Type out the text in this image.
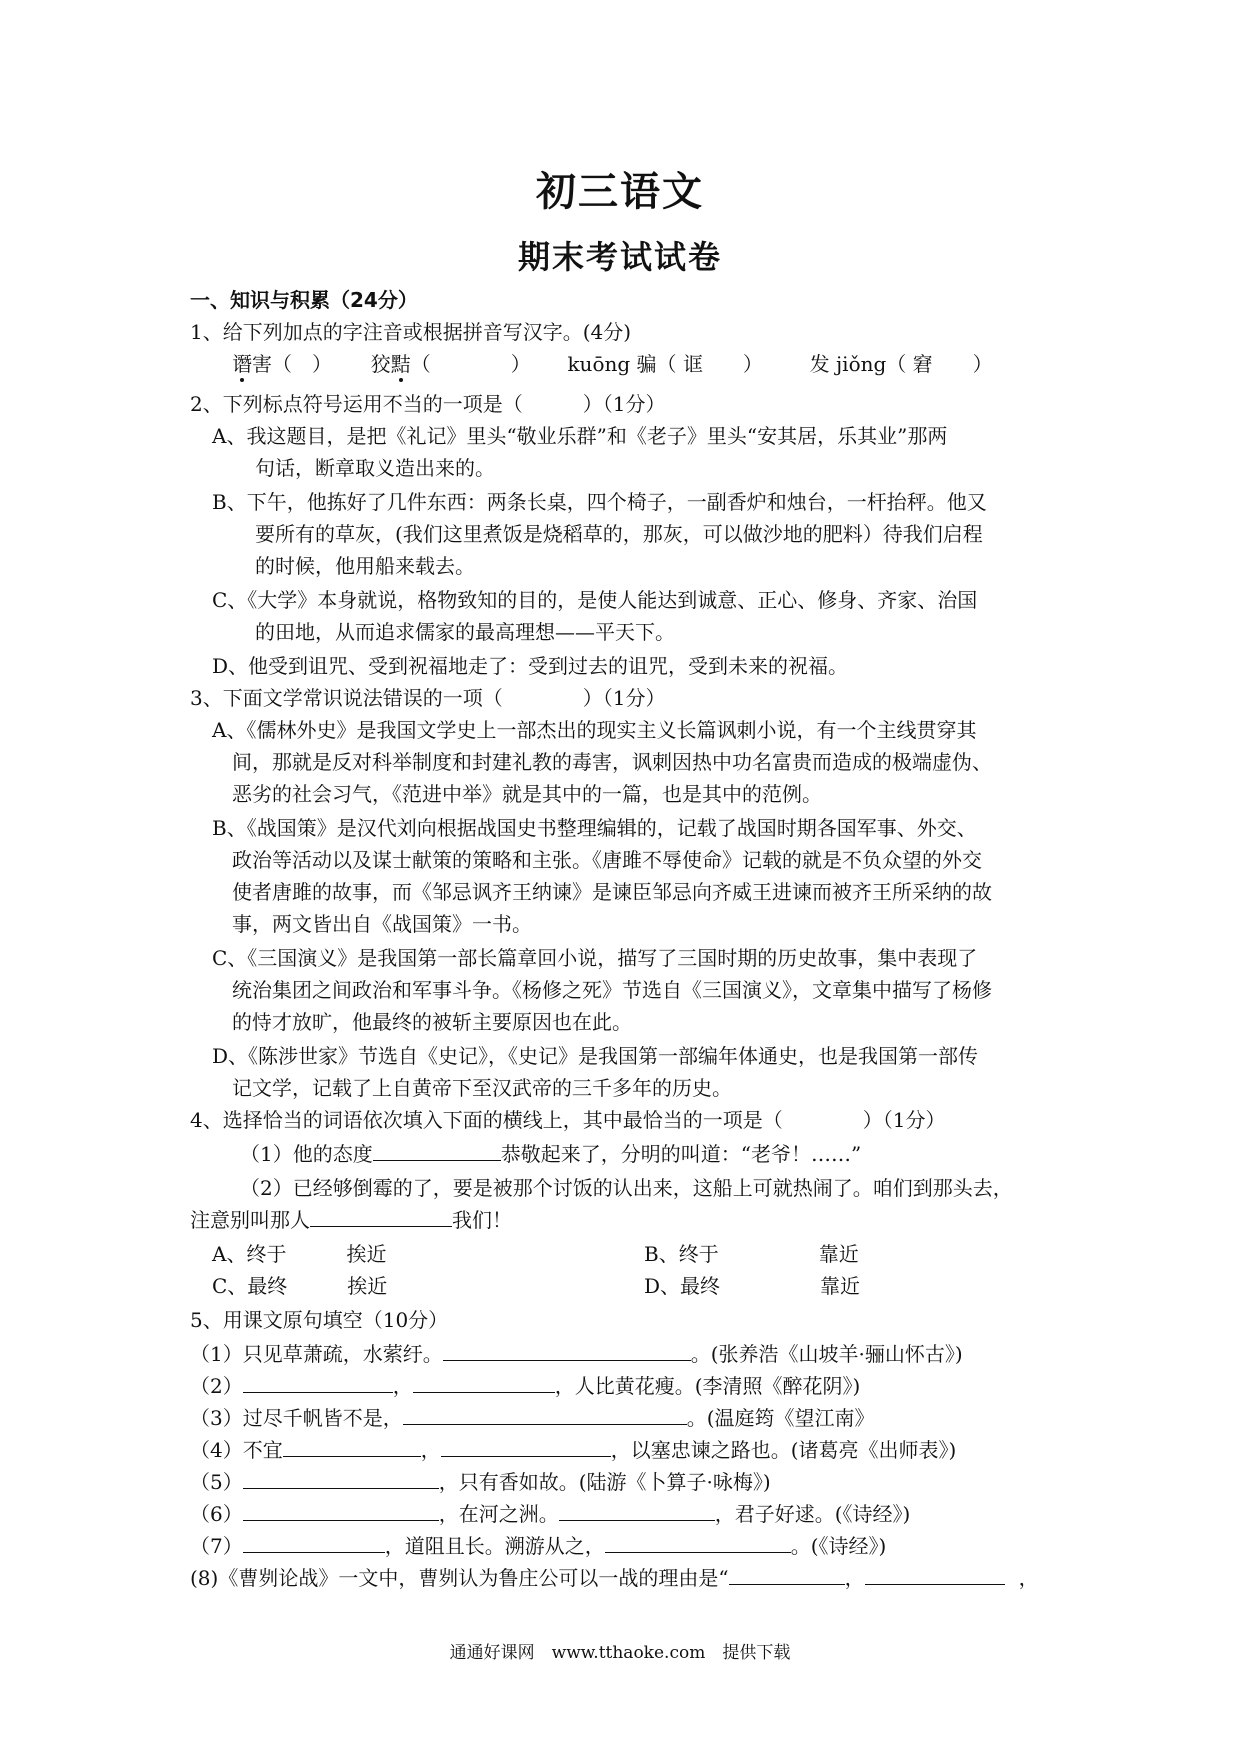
初三语文
期末考试试卷
一、知识与积累（24分）
1、给下列加点的字注音或根据拼音写汉字。(4分)
谮害（　） 狡黠（　　　　） kuōng 骗（ 诓　　） 发 jiǒng（ 窘　　）
2、下列标点符号运用不当的一项是（　　　）（1分）
A、我这题目，是把《礼记》里头“敬业乐群”和《老子》里头“安其居，乐其业”那两
句话，断章取义造出来的。
B、下午，他拣好了几件东西：两条长桌，四个椅子，一副香炉和烛台，一杆抬秤。他又
要所有的草灰，(我们这里煮饭是烧稻草的，那灰，可以做沙地的肥料）待我们启程
的时候，他用船来载去。
C、《大学》本身就说，格物致知的目的，是使人能达到诚意、正心、修身、齐家、治国
的田地，从而追求儒家的最高理想——平天下。
D、他受到诅咒、受到祝福地走了：受到过去的诅咒，受到未来的祝福。
3、下面文学常识说法错误的一项（　　　　）（1分）
A、《儒林外史》是我国文学史上一部杰出的现实主义长篇讽刺小说，有一个主线贯穿其
间，那就是反对科举制度和封建礼教的毒害，讽刺因热中功名富贵而造成的极端虚伪、
恶劣的社会习气，《范进中举》就是其中的一篇，也是其中的范例。
B、《战国策》是汉代刘向根据战国史书整理编辑的，记载了战国时期各国军事、外交、
政治等活动以及谋士献策的策略和主张。《唐雎不辱使命》记载的就是不负众望的外交
使者唐雎的故事，而《邹忌讽齐王纳谏》是谏臣邹忌向齐威王进谏而被齐王所采纳的故
事，两文皆出自《战国策》一书。
C、《三国演义》是我国第一部长篇章回小说，描写了三国时期的历史故事，集中表现了
统治集团之间政治和军事斗争。《杨修之死》节选自《三国演义》，文章集中描写了杨修
的恃才放旷，他最终的被斩主要原因也在此。
D、《陈涉世家》节选自《史记》，《史记》是我国第一部编年体通史，也是我国第一部传
记文学，记载了上自黄帝下至汉武帝的三千多年的历史。
4、选择恰当的词语依次填入下面的横线上，其中最恰当的一项是（　　　　）（1分）
（1）他的态度	恭敬起来了，分明的叫道：“老爷！……”
（2）已经够倒霉的了，要是被那个讨饭的认出来，这船上可就热闹了。咱们到那头去，
注意别叫那人	我们！
A、终于　　　挨近	B、终于　　　　　靠近
C、最终　　　挨近	D、最终　　　　　靠近
5、用课文原句填空（10分）
（1）只见草萧疏，水萦纡。	。(张养浩《山坡羊·骊山怀古》)
（2）	，	，人比黄花瘦。(李清照《醉花阴》)
（3）过尽千帆皆不是，	。(温庭筠《望江南》
（4）不宜	，	，以塞忠谏之路也。(诸葛亮《出师表》)
（5）	，只有香如故。(陆游《卜算子·咏梅》)
（6）	，在河之洲。	，君子好逑。(《诗经》)
（7）	，道阻且长。溯游从之，	。(《诗经》)
(8)《曹刿论战》一文中，曹刿认为鲁庄公可以一战的理由是“	，	，
通通好课网　www.tthaoke.com　提供下载
